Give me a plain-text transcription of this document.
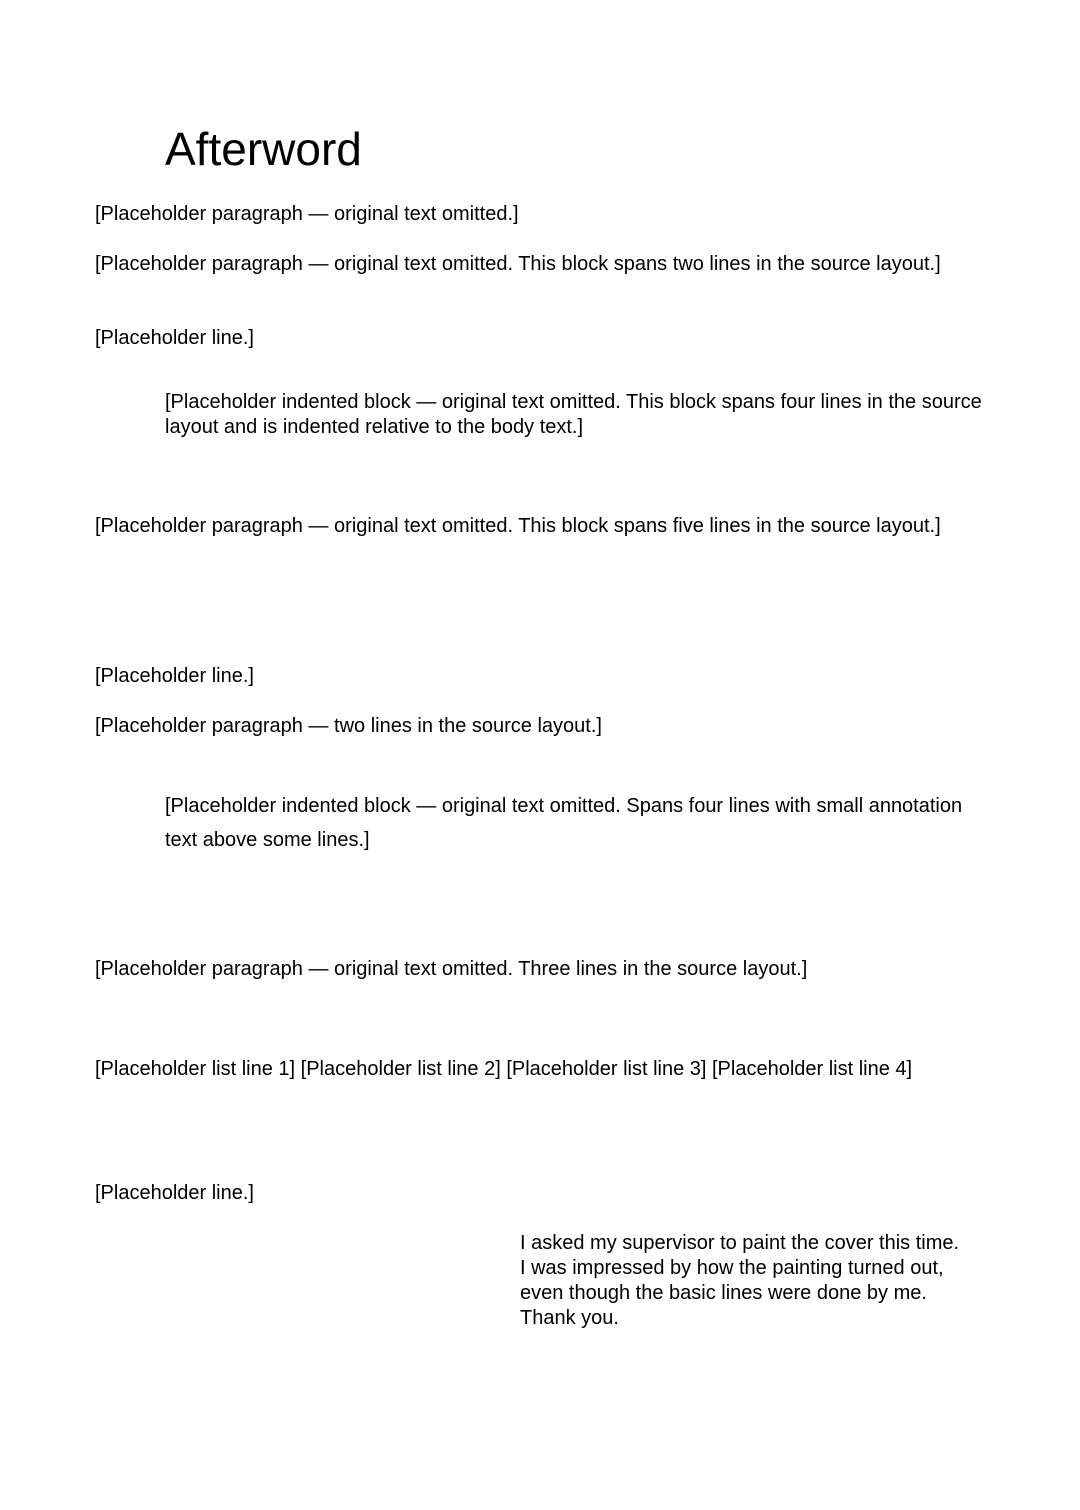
Afterword

[Placeholder paragraph — original text omitted.]

[Placeholder paragraph — original text omitted. This block spans two lines in the source layout.]

[Placeholder line.]

[Placeholder indented block — original text omitted. This block spans four lines in the source layout and is indented relative to the body text.]

[Placeholder paragraph — original text omitted. This block spans five lines in the source layout.]

[Placeholder line.]

[Placeholder paragraph — two lines in the source layout.]

[Placeholder indented block — original text omitted. Spans four lines with small annotation text above some lines.]

[Placeholder paragraph — original text omitted. Three lines in the source layout.]

[Placeholder list line 1] [Placeholder list line 2] [Placeholder list line 3] [Placeholder list line 4]

[Placeholder line.]

I asked my supervisor to paint the cover this time. I was impressed by how the painting turned out, even though the basic lines were done by me. Thank you.
